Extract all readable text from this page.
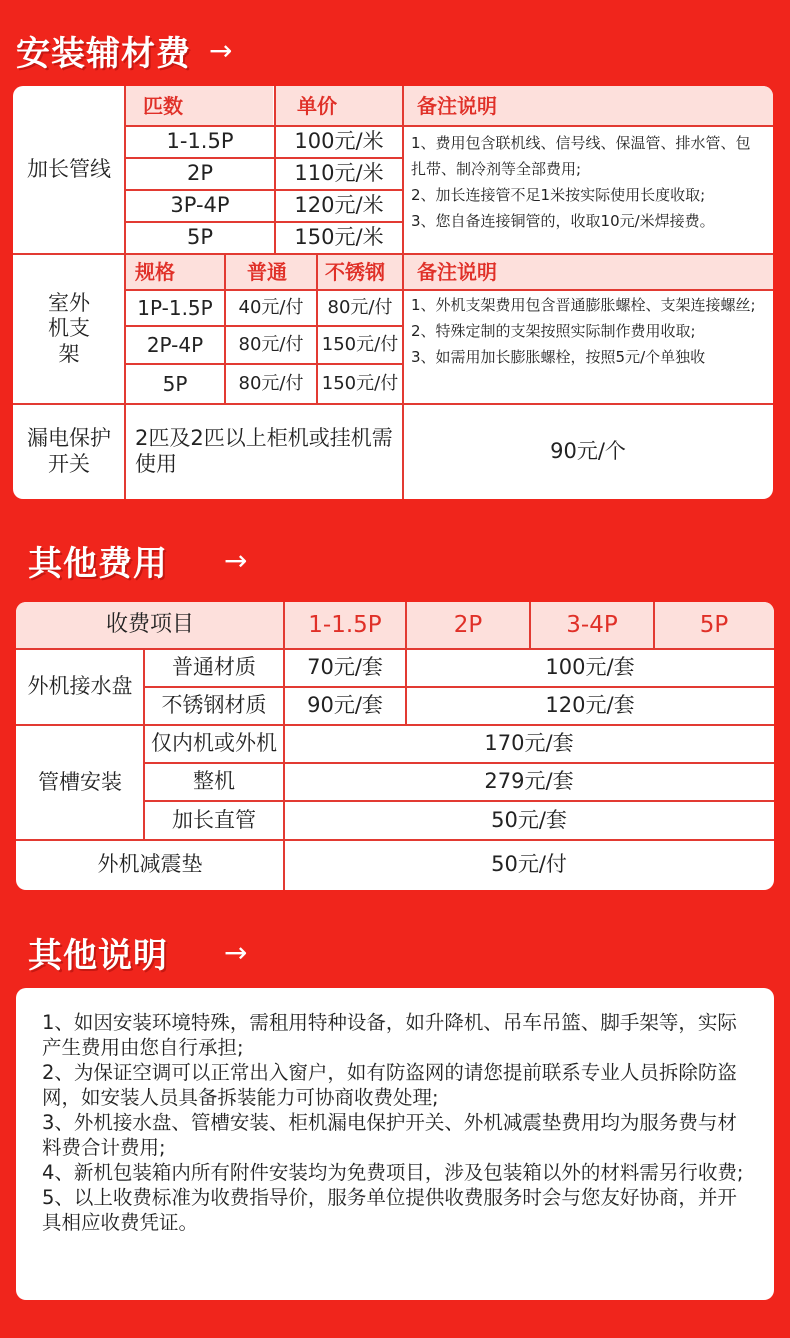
安装辅材费 →
加长管线
匹数	单价	备注说明
1-1.5P	100元/米
2P	110元/米
3P-4P	120元/米
5P	150元/米
1、费用包含联机线、信号线、保温管、排水管、包扎带、制冷剂等全部费用;
2、加长连接管不足1米按实际使用长度收取;
3、您自备连接铜管的，收取10元/米焊接费。
室外机支架
规格	普通	不锈钢	备注说明
1P-1.5P	40元/付	80元/付
2P-4P	80元/付	150元/付
5P	80元/付	150元/付
1、外机支架费用包含晋通膨胀螺栓、支架连接螺丝;
2、特殊定制的支架按照实际制作费用收取;
3、如需用加长膨胀螺栓，按照5元/个单独收
漏电保护开关
2匹及2匹以上柜机或挂机需使用
90元/个
其他费用 →
收费项目	1-1.5P	2P	3-4P	5P
外机接水盘
普通材质	70元/套	100元/套
不锈钢材质	90元/套	120元/套
管槽安装
仅内机或外机	170元/套
整机	279元/套
加长直管	50元/套
外机减震垫	50元/付
其他说明 →

1、如因安装环境特殊，需租用特种设备，如升降机、吊车吊篮、脚手架等，实际产生费用由您自行承担;

2、为保证空调可以正常出入窗户，如有防盗网的请您提前联系专业人员拆除防盗网，如安装人员具备拆装能力可协商收费处理;

3、外机接水盘、管槽安装、柜机漏电保护开关、外机减震垫费用均为服务费与材料费合计费用;

4、新机包装箱内所有附件安装均为免费项目，涉及包装箱以外的材料需另行收费;

5、以上收费标准为收费指导价，服务单位提供收费服务时会与您友好协商，并开具相应收费凭证。
